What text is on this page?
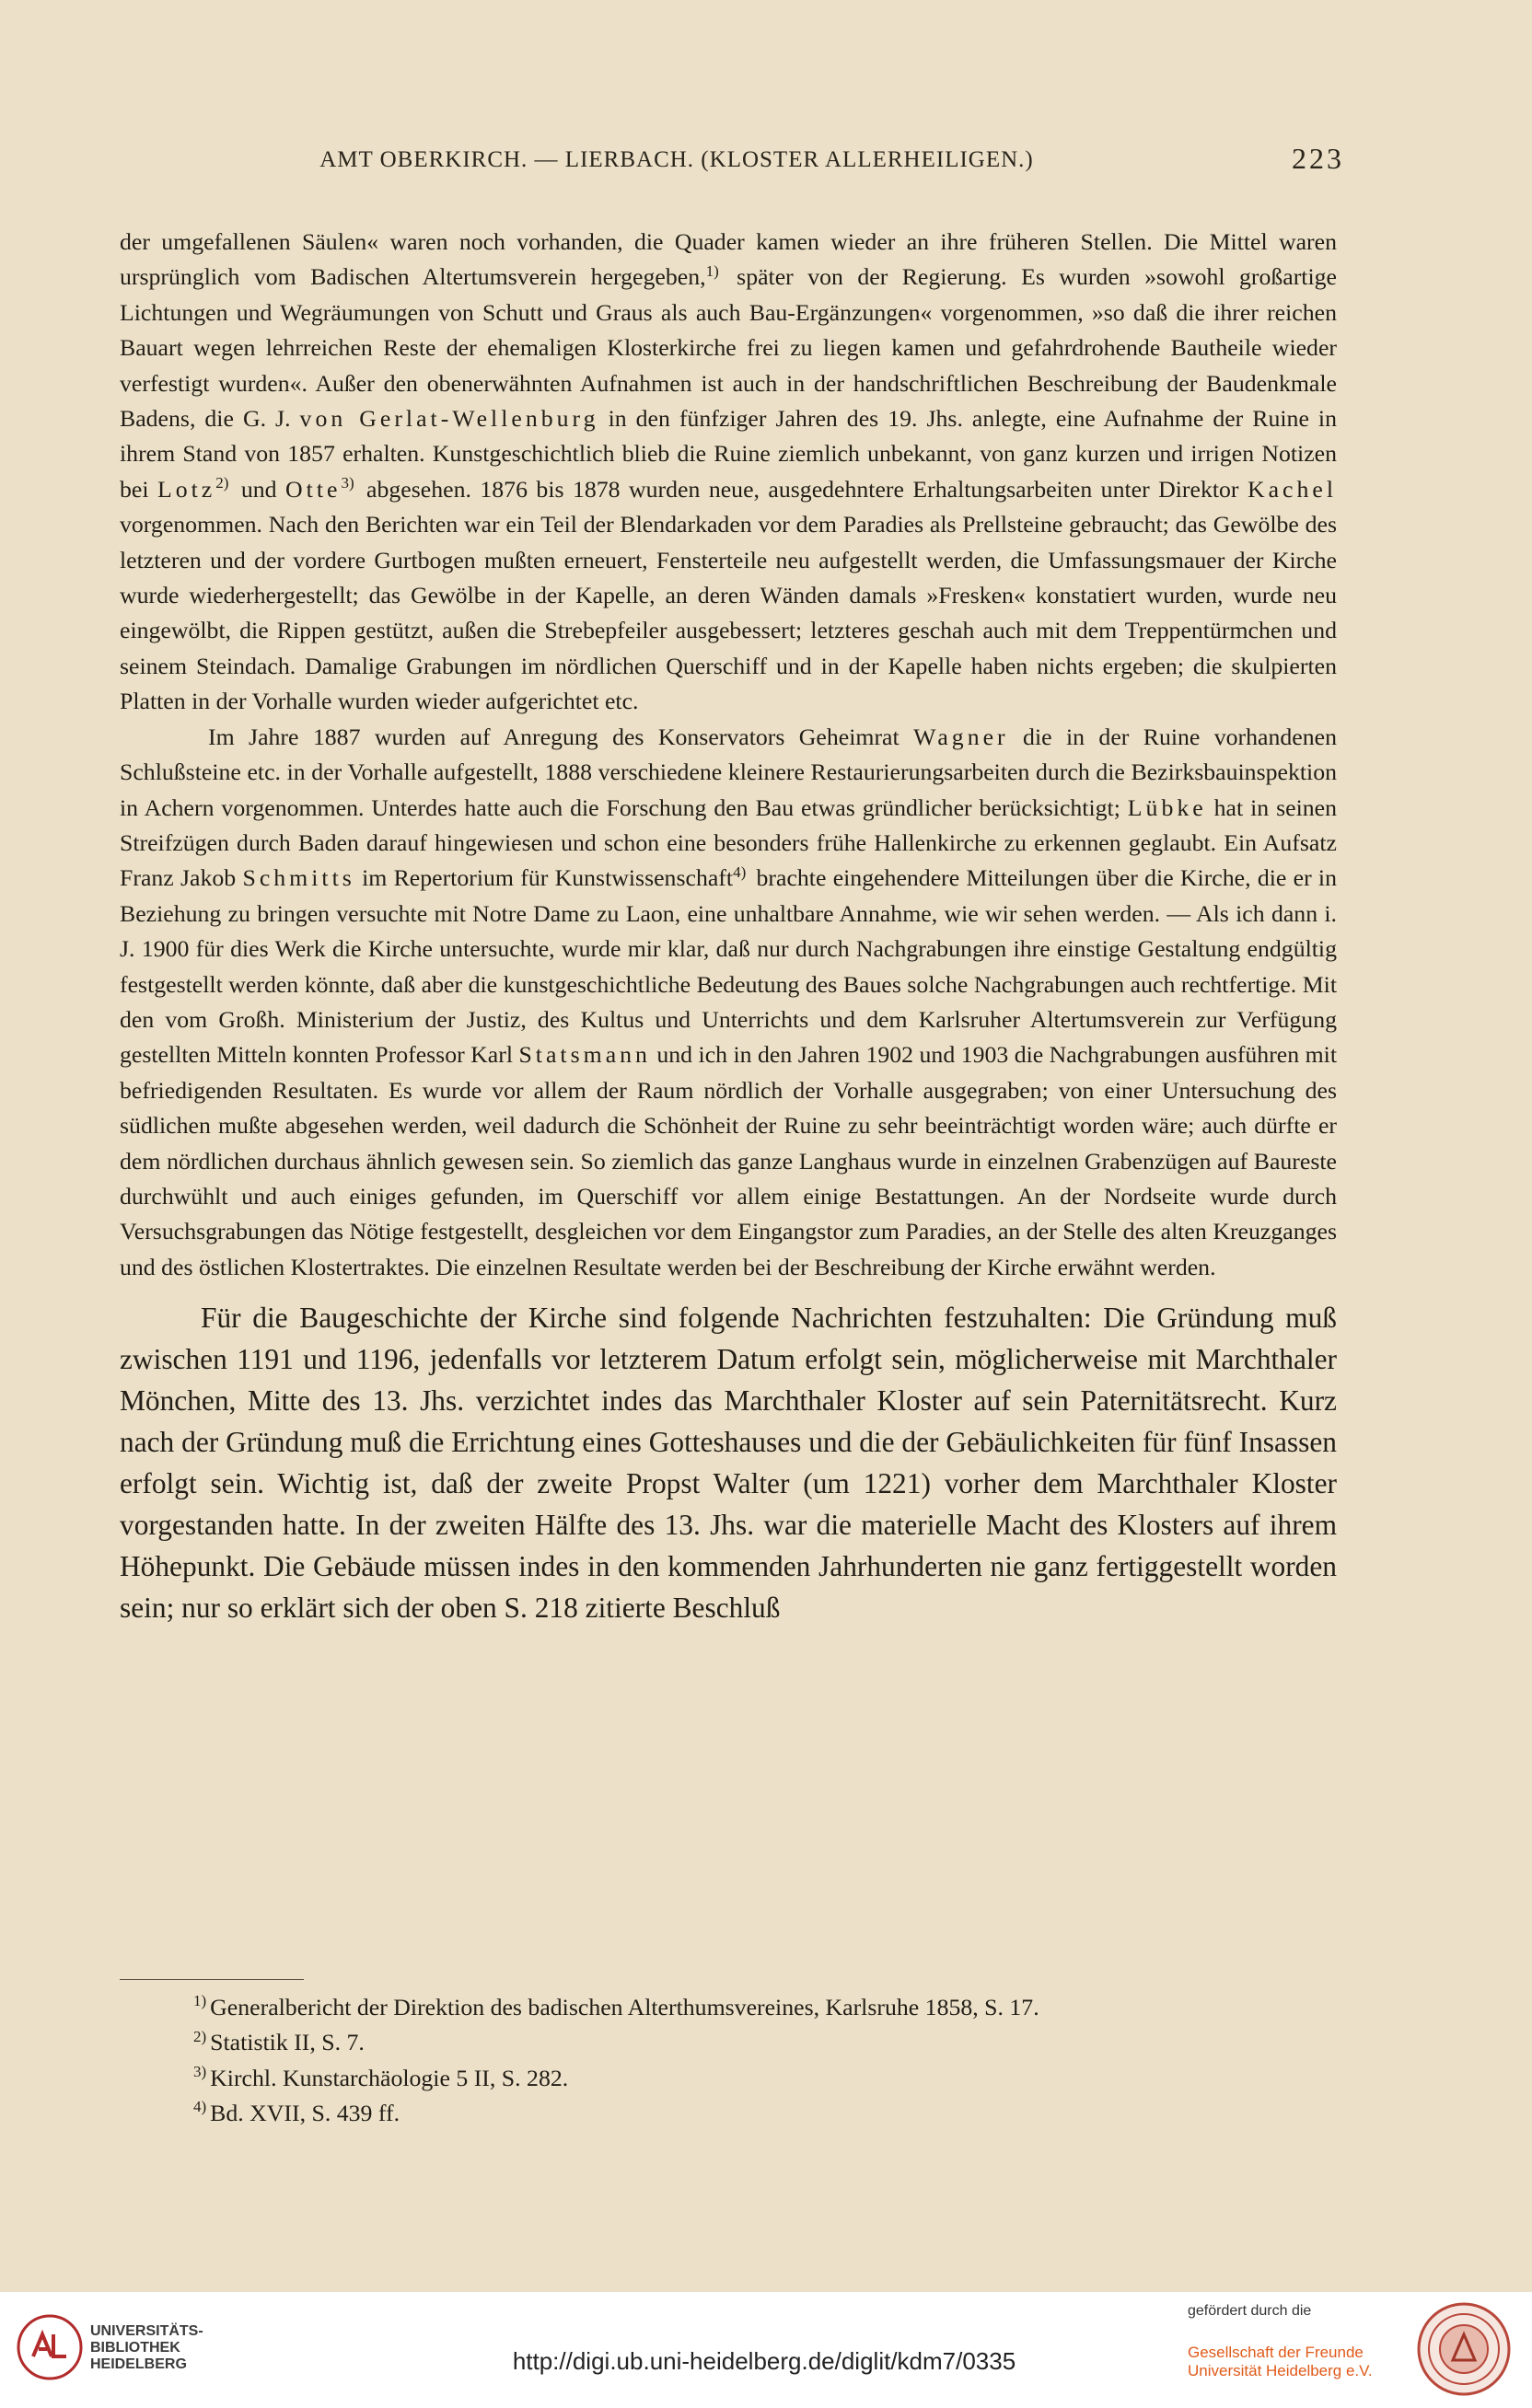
AMT OBERKIRCH. — LIERBACH. (KLOSTER ALLERHEILIGEN.)	223

der umgefallenen Säulen« waren noch vorhanden, die Quader kamen wieder an ihre früheren Stellen. Die Mittel waren ursprünglich vom Badischen Altertumsverein hergegeben,$^{1)}$ später von der Regierung. Es wurden »sowohl großartige Lichtungen und Wegräumungen von Schutt und Graus als auch Bau-Ergänzungen« vorgenommen, »so daß die ihrer reichen Bauart wegen lehrreichen Reste der ehemaligen Klosterkirche frei zu liegen kamen und gefahrdrohende Bautheile wieder verfestigt wurden«. Außer den obenerwähnten Aufnahmen ist auch in der handschriftlichen Beschreibung der Baudenkmale Badens, die G. J. von Gerlat-Wellenburg in den fünfziger Jahren des 19. Jhs. anlegte, eine Aufnahme der Ruine in ihrem Stand von 1857 erhalten. Kunstgeschichtlich blieb die Ruine ziemlich unbekannt, von ganz kurzen und irrigen Notizen bei Lotz$^{2)}$ und Otte$^{3)}$ abgesehen. 1876 bis 1878 wurden neue, ausgedehntere Erhaltungsarbeiten unter Direktor Kachel vorgenommen. Nach den Berichten war ein Teil der Blendarkaden vor dem Paradies als Prellsteine gebraucht; das Gewölbe des letzteren und der vordere Gurtbogen mußten erneuert, Fensterteile neu aufgestellt werden, die Umfassungsmauer der Kirche wurde wiederhergestellt; das Gewölbe in der Kapelle, an deren Wänden damals »Fresken« konstatiert wurden, wurde neu eingewölbt, die Rippen gestützt, außen die Strebepfeiler ausgebessert; letzteres geschah auch mit dem Treppentürmchen und seinem Steindach. Damalige Grabungen im nördlichen Querschiff und in der Kapelle haben nichts ergeben; die skulpierten Platten in der Vorhalle wurden wieder aufgerichtet etc.

Im Jahre 1887 wurden auf Anregung des Konservators Geheimrat Wagner die in der Ruine vorhandenen Schlußsteine etc. in der Vorhalle aufgestellt, 1888 verschiedene kleinere Restaurierungsarbeiten durch die Bezirksbauinspektion in Achern vorgenommen. Unterdes hatte auch die Forschung den Bau etwas gründlicher berücksichtigt; Lübke hat in seinen Streifzügen durch Baden darauf hingewiesen und schon eine besonders frühe Hallenkirche zu erkennen geglaubt. Ein Aufsatz Franz Jakob Schmitts im Repertorium für Kunstwissenschaft$^{4)}$ brachte eingehendere Mitteilungen über die Kirche, die er in Beziehung zu bringen versuchte mit Notre Dame zu Laon, eine unhaltbare Annahme, wie wir sehen werden. — Als ich dann i. J. 1900 für dies Werk die Kirche untersuchte, wurde mir klar, daß nur durch Nachgrabungen ihre einstige Gestaltung endgültig festgestellt werden könnte, daß aber die kunstgeschichtliche Bedeutung des Baues solche Nachgrabungen auch rechtfertige. Mit den vom Großh. Ministerium der Justiz, des Kultus und Unterrichts und dem Karlsruher Altertumsverein zur Verfügung gestellten Mitteln konnten Professor Karl Statsmann und ich in den Jahren 1902 und 1903 die Nachgrabungen ausführen mit befriedigenden Resultaten. Es wurde vor allem der Raum nördlich der Vorhalle ausgegraben; von einer Untersuchung des südlichen mußte abgesehen werden, weil dadurch die Schönheit der Ruine zu sehr beeinträchtigt worden wäre; auch dürfte er dem nördlichen durchaus ähnlich gewesen sein. So ziemlich das ganze Langhaus wurde in einzelnen Grabenzügen auf Baureste durchwühlt und auch einiges gefunden, im Querschiff vor allem einige Bestattungen. An der Nordseite wurde durch Versuchsgrabungen das Nötige festgestellt, desgleichen vor dem Eingangstor zum Paradies, an der Stelle des alten Kreuzganges und des östlichen Klostertraktes. Die einzelnen Resultate werden bei der Beschreibung der Kirche erwähnt werden.

Für die Baugeschichte der Kirche sind folgende Nachrichten festzuhalten: Die Gründung muß zwischen 1191 und 1196, jedenfalls vor letzterem Datum erfolgt sein, möglicherweise mit Marchthaler Mönchen, Mitte des 13. Jhs. verzichtet indes das Marchthaler Kloster auf sein Paternitätsrecht. Kurz nach der Gründung muß die Errichtung eines Gotteshauses und die der Gebäulichkeiten für fünf Insassen erfolgt sein. Wichtig ist, daß der zweite Propst Walter (um 1221) vorher dem Marchthaler Kloster vorgestanden hatte. In der zweiten Hälfte des 13. Jhs. war die materielle Macht des Klosters auf ihrem Höhepunkt. Die Gebäude müssen indes in den kommenden Jahrhunderten nie ganz fertiggestellt worden sein; nur so erklärt sich der oben S. 218 zitierte Beschluß

$^{1)}$ Generalbericht der Direktion des badischen Alterthumsvereines, Karlsruhe 1858, S. 17.
$^{2)}$ Statistik II, S. 7.
$^{3)}$ Kirchl. Kunstarchäologie 5 II, S. 282.
$^{4)}$ Bd. XVII, S. 439 ff.
UNIVERSITÄTS-
BIBLIOTHEK
HEIDELBERG	http://digi.ub.uni-heidelberg.de/diglit/kdm7/0335
gefördert durch die
Gesellschaft der Freunde
Universität Heidelberg e.V.
